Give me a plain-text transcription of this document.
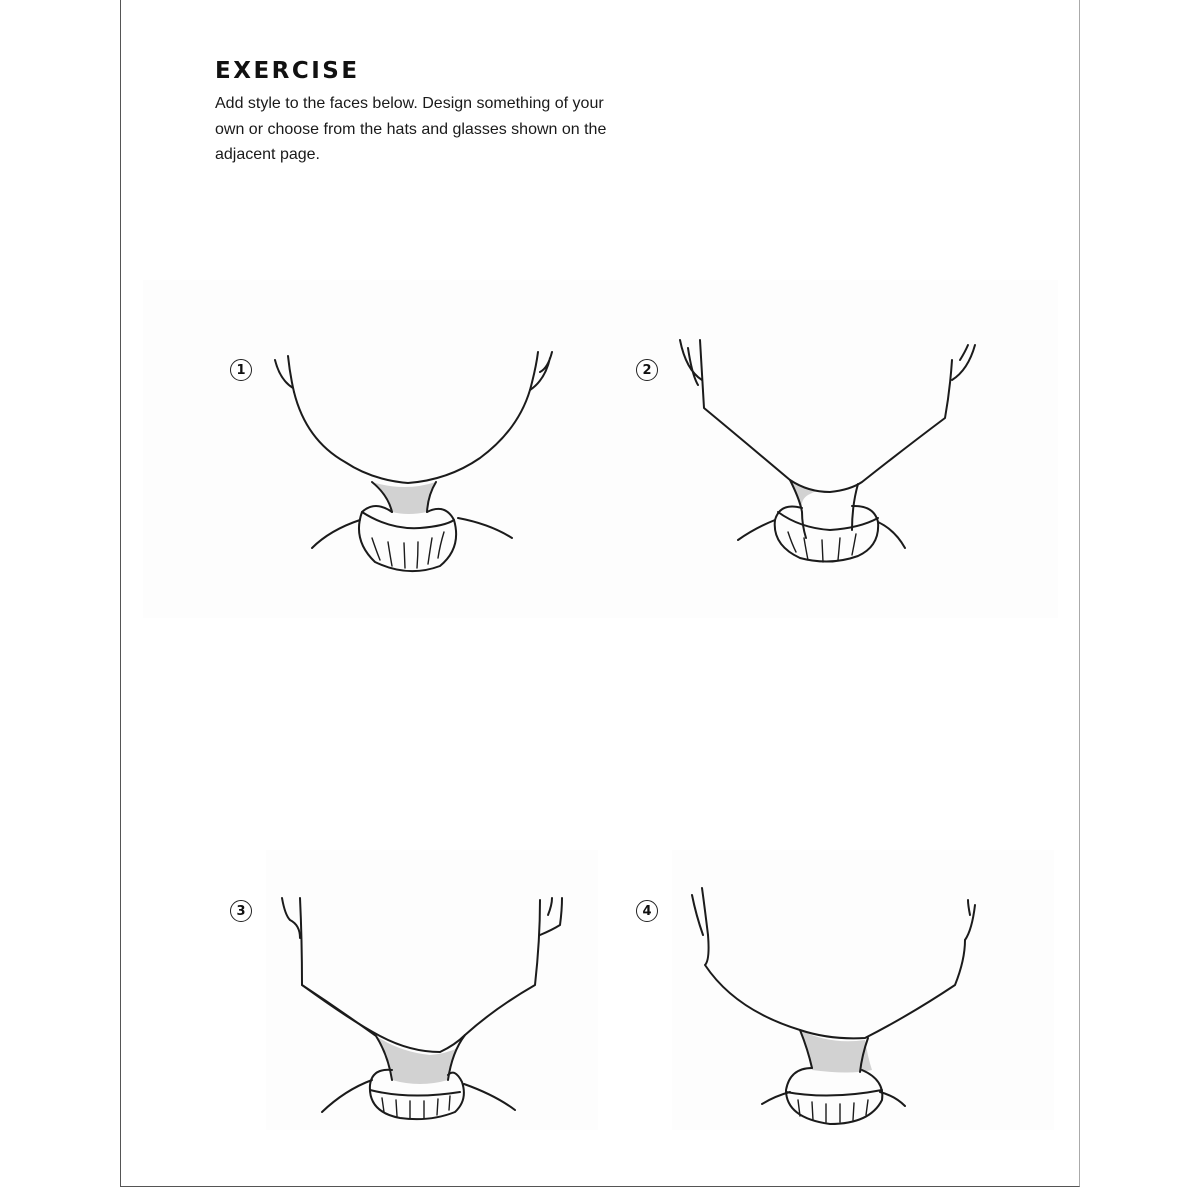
EXERCISE

Add style to the faces below. Design something of your own or choose from the hats and glasses shown on the adjacent page.

1	2
3	4
